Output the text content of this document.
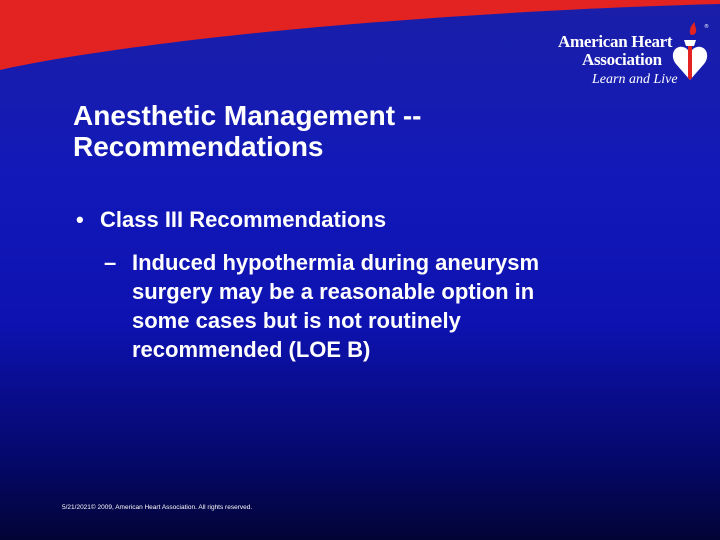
American Heart
Association
Learn and Live
®
Anesthetic Management --
Recommendations
• Class III Recommendations
– Induced hypothermia during aneurysm
surgery may be a reasonable option in
some cases but is not routinely
recommended (LOE B)
5/21/2021© 2009, American Heart Association. All rights reserved.
